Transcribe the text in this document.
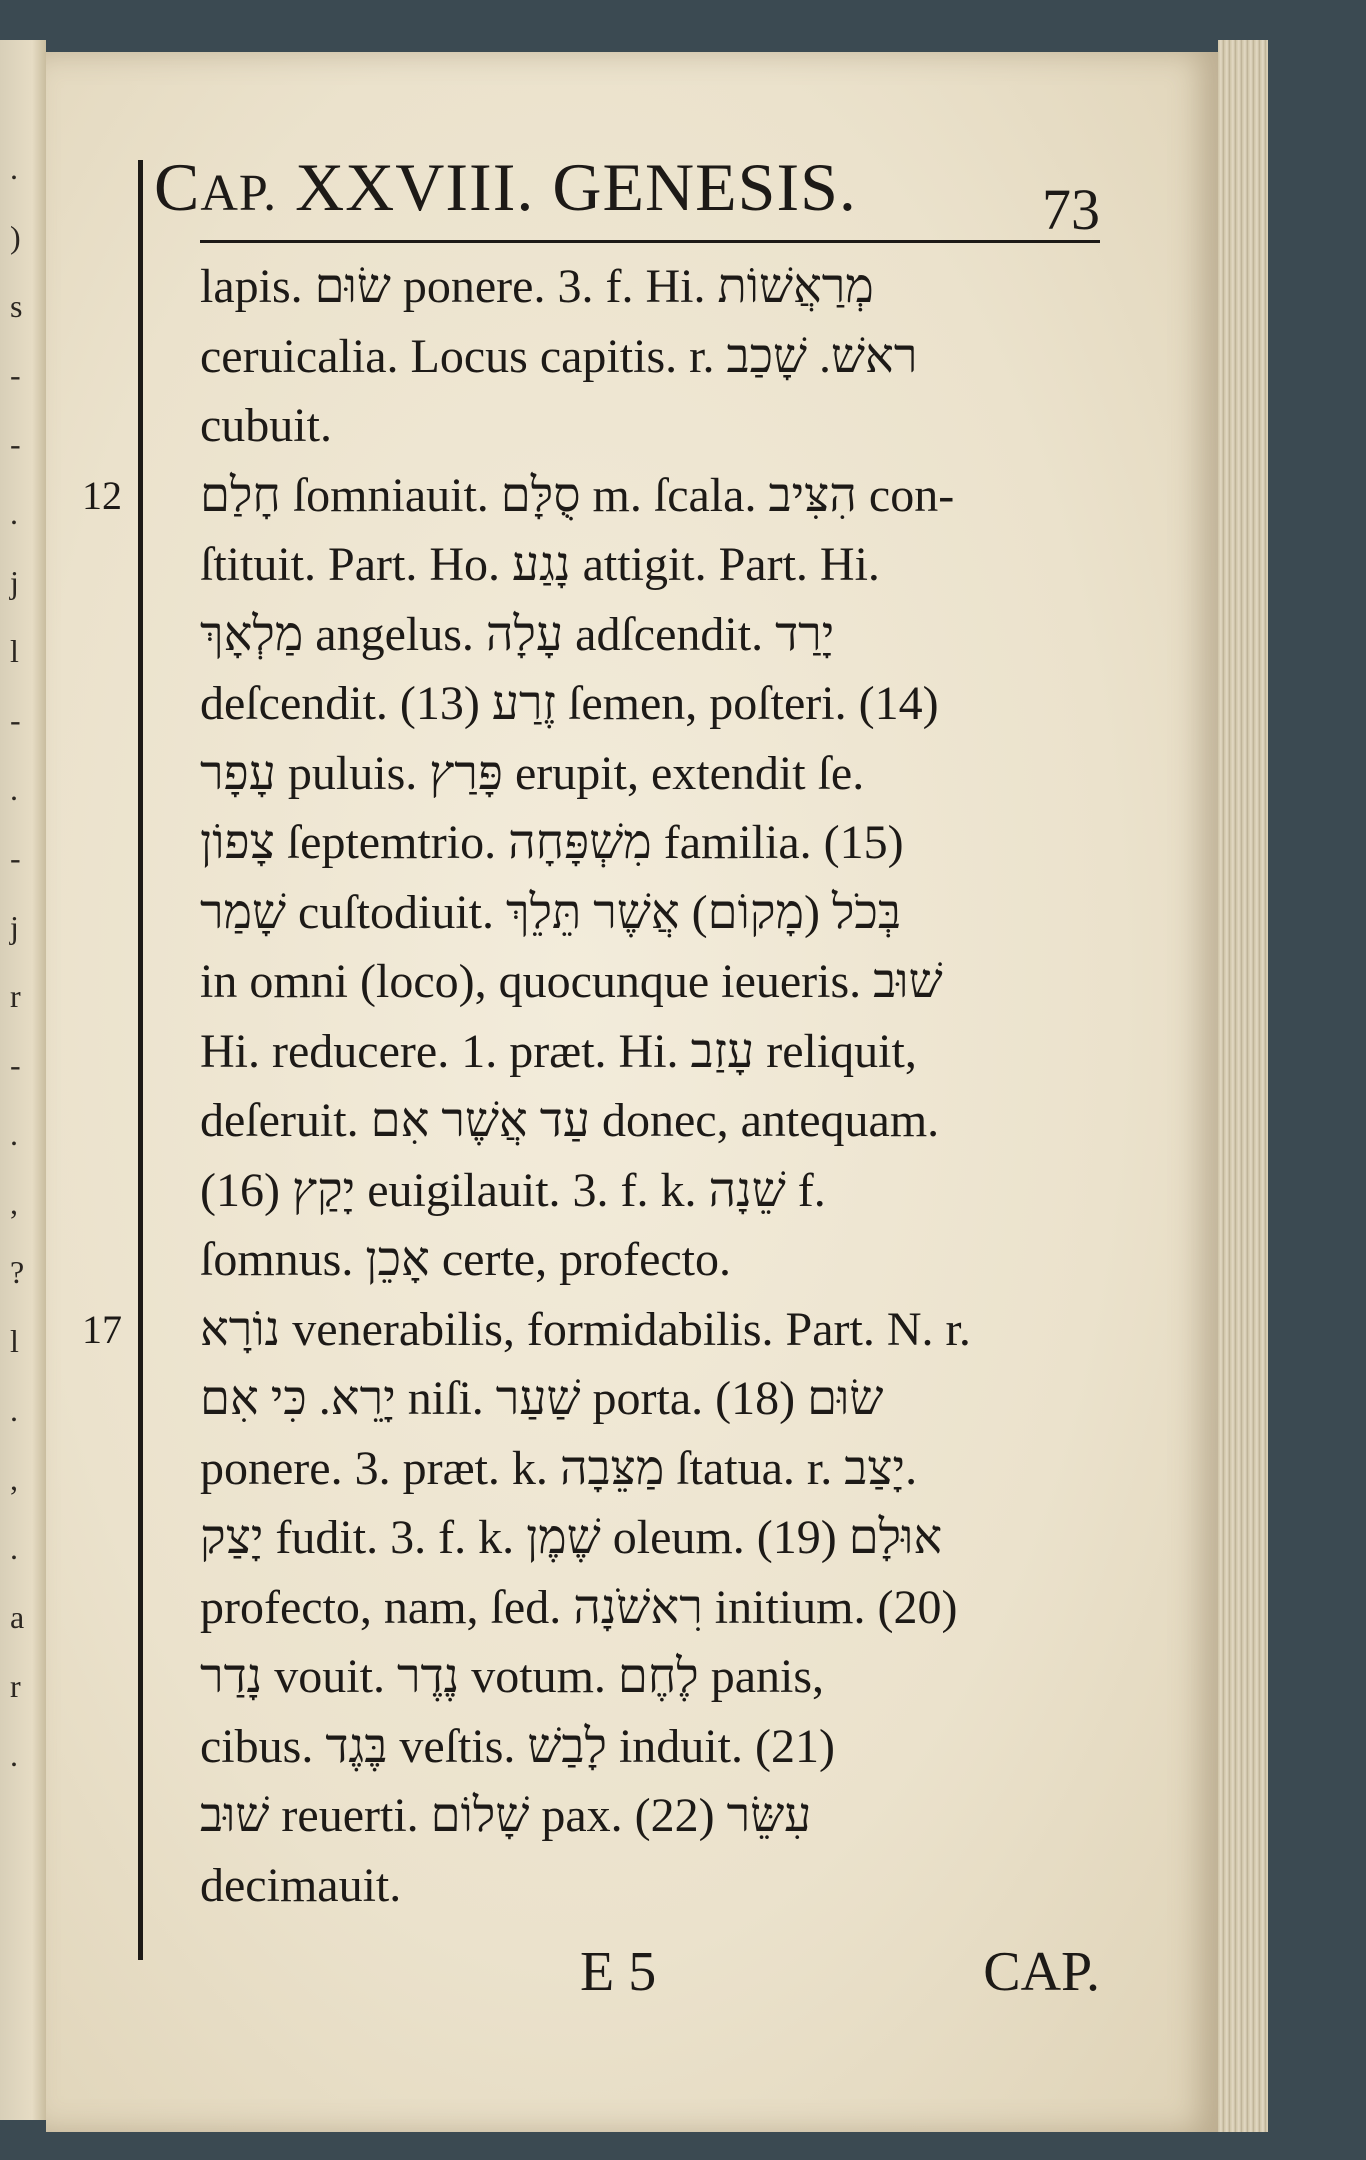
.
)
s
-
-
.
j
l
-
.
-
j
r
-
.
,
?
l
.
,
.
a
r
.
CAP. XXVIII. GENESIS.	73
lapis. שׂוּם ponere. 3. f. Hi. מְרַאֲשׁוֹת
ceruicalia. Locus capitis. r. ראשׁ. שָׁכַב
cubuit.
12 חָלַם ſomniauit. סֻלָּם m. ſcala. הִצִּיב con-
ſtituit. Part. Ho. נָגַע attigit. Part. Hi.
מַלְאָךְ angelus. עָלָה adſcendit. יָרַד
deſcendit. (13) זֶרַע ſemen, poſteri. (14)
עָפָר puluis. פָּרַץ erupit, extendit ſe.
צָפוֹן ſeptemtrio. מִשְׁפָּחָה familia. (15)
שָׁמַר cuſtodiuit. בְּכֹל (מָקוֹם) אֲשֶׁר תֵּלֵךְ
in omni (loco), quocunque ieueris. שׁוּב
Hi. reducere. 1. præt. Hi. עָזַב reliquit,
deſeruit. עַד אֲשֶׁר אִם donec, antequam.
(16) יָקַץ euigilauit. 3. f. k. שֵׁנָה f.
ſomnus. אָכֵן certe, profecto.
17 נוֹרָא venerabilis, formidabilis. Part. N. r.
יָרֵא. כִּי אִם niſi. שַׁעַר porta. (18) שׂוּם
ponere. 3. præt. k. מַצֵּבָה ſtatua. r. יָצַב.
יָצַק fudit. 3. f. k. שֶׁמֶן oleum. (19) אוּלָם
profecto, nam, ſed. רִאשֹׁנָה initium. (20)
נָדַר vouit. נֶדֶר votum. לֶחֶם panis,
cibus. בֶּגֶד veſtis. לָבַשׁ induit. (21)
שׁוּב reuerti. שָׁלוֹם pax. (22) עִשֵּׂר
decimauit.
E 5	CAP.
